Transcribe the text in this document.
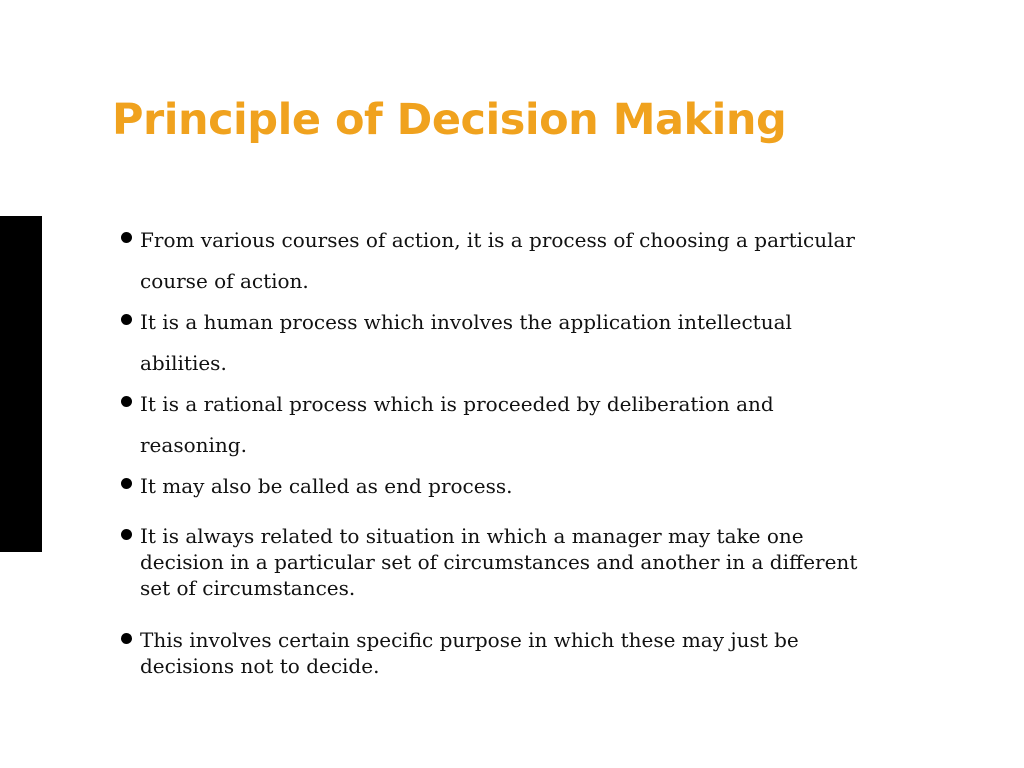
Principle of Decision Making
From various courses of action, it is a process of choosing a particular course of action.
It is a human process which involves the application intellectual abilities.
It is a rational process which is proceeded by deliberation and reasoning.
It may also be called as end process.
It is always related to situation in which a manager may take one decision in a particular set of circumstances and another in a different set of circumstances.
This involves certain specific purpose in which these may just be decisions not to decide.
